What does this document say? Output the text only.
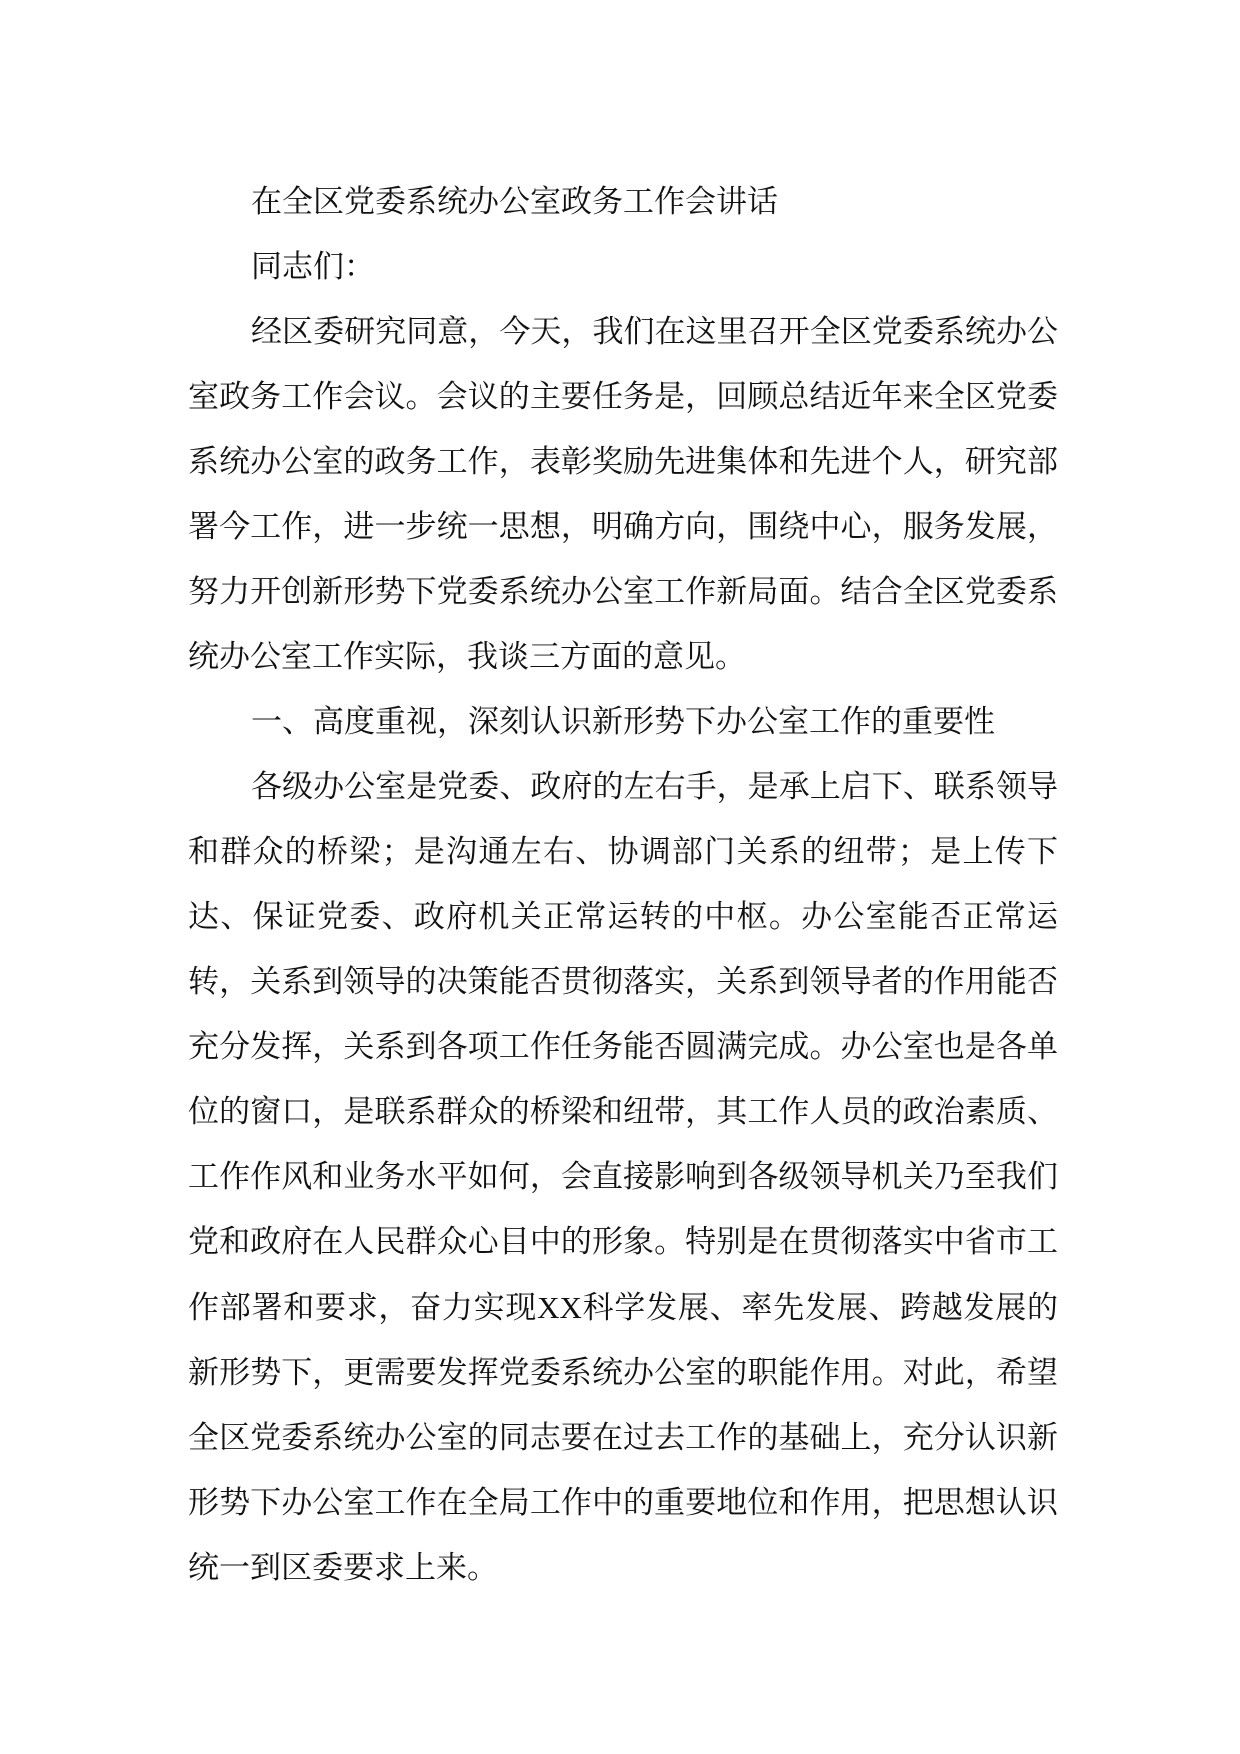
在全区党委系统办公室政务工作会讲话

同志们：

经区委研究同意，今天，我们在这里召开全区党委系统办公室政务工作会议。会议的主要任务是，回顾总结近年来全区党委系统办公室的政务工作，表彰奖励先进集体和先进个人，研究部署今工作，进一步统一思想，明确方向，围绕中心，服务发展，努力开创新形势下党委系统办公室工作新局面。结合全区党委系统办公室工作实际，我谈三方面的意见。

一、高度重视，深刻认识新形势下办公室工作的重要性

各级办公室是党委、政府的左右手，是承上启下、联系领导和群众的桥梁；是沟通左右、协调部门关系的纽带；是上传下达、保证党委、政府机关正常运转的中枢。办公室能否正常运转，关系到领导的决策能否贯彻落实，关系到领导者的作用能否充分发挥，关系到各项工作任务能否圆满完成。办公室也是各单位的窗口，是联系群众的桥梁和纽带，其工作人员的政治素质、工作作风和业务水平如何，会直接影响到各级领导机关乃至我们党和政府在人民群众心目中的形象。特别是在贯彻落实中省市工作部署和要求，奋力实现XX科学发展、率先发展、跨越发展的新形势下，更需要发挥党委系统办公室的职能作用。对此，希望全区党委系统办公室的同志要在过去工作的基础上，充分认识新形势下办公室工作在全局工作中的重要地位和作用，把思想认识统一到区委要求上来。
